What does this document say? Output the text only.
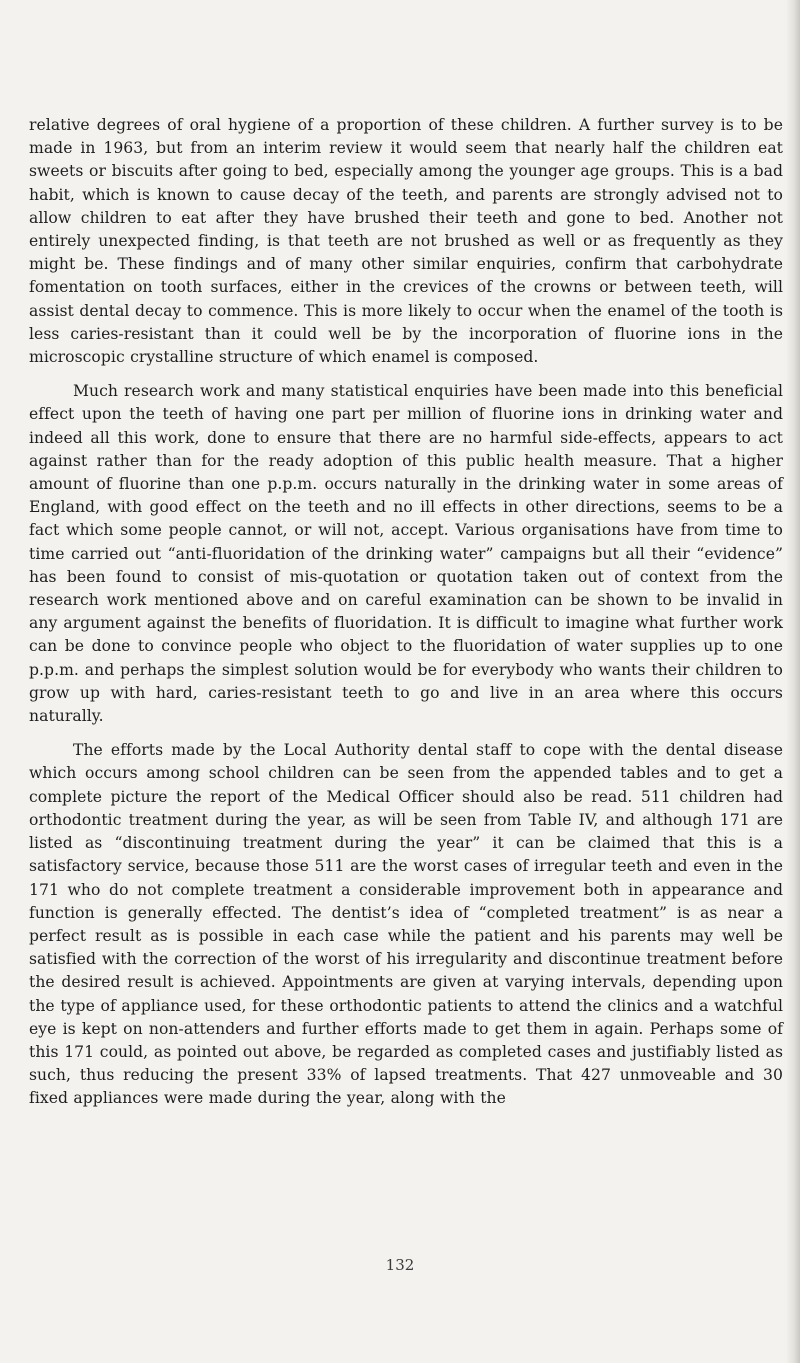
relative degrees of oral hygiene of a proportion of these children. A further survey is to be made in 1963, but from an interim review it would seem that nearly half the children eat sweets or biscuits after going to bed, especially among the younger age groups. This is a bad habit, which is known to cause decay of the teeth, and parents are strongly advised not to allow children to eat after they have brushed their teeth and gone to bed. Another not entirely unexpected finding, is that teeth are not brushed as well or as frequently as they might be. These findings and of many other similar enquiries, confirm that carbohydrate fomentation on tooth surfaces, either in the crevices of the crowns or between teeth, will assist dental decay to commence. This is more likely to occur when the enamel of the tooth is less caries-resistant than it could well be by the incorporation of fluorine ions in the microscopic crystalline structure of which enamel is composed.

Much research work and many statistical enquiries have been made into this beneficial effect upon the teeth of having one part per million of fluorine ions in drinking water and indeed all this work, done to ensure that there are no harmful side-effects, appears to act against rather than for the ready adoption of this public health measure. That a higher amount of fluorine than one p.p.m. occurs naturally in the drinking water in some areas of England, with good effect on the teeth and no ill effects in other directions, seems to be a fact which some people cannot, or will not, accept. Various organisations have from time to time carried out “anti-fluoridation of the drinking water” campaigns but all their “evidence” has been found to consist of mis-quotation or quotation taken out of context from the research work mentioned above and on careful examination can be shown to be invalid in any argument against the benefits of fluoridation. It is difficult to imagine what further work can be done to convince people who object to the fluoridation of water supplies up to one p.p.m. and perhaps the simplest solution would be for everybody who wants their children to grow up with hard, caries-resistant teeth to go and live in an area where this occurs naturally.

The efforts made by the Local Authority dental staff to cope with the dental disease which occurs among school children can be seen from the appended tables and to get a complete picture the report of the Medical Officer should also be read. 511 children had orthodontic treatment during the year, as will be seen from Table IV, and although 171 are listed as “discontinuing treatment during the year” it can be claimed that this is a satisfactory service, because those 511 are the worst cases of irregular teeth and even in the 171 who do not complete treatment a considerable improvement both in appearance and function is generally effected. The dentist’s idea of “completed treatment” is as near a perfect result as is possible in each case while the patient and his parents may well be satisfied with the correction of the worst of his irregularity and discontinue treatment before the desired result is achieved. Appointments are given at varying intervals, depending upon the type of appliance used, for these orthodontic patients to attend the clinics and a watchful eye is kept on non-attenders and further efforts made to get them in again. Perhaps some of this 171 could, as pointed out above, be regarded as completed cases and justifiably listed as such, thus reducing the present 33% of lapsed treatments. That 427 unmoveable and 30 fixed appliances were made during the year, along with the

132
